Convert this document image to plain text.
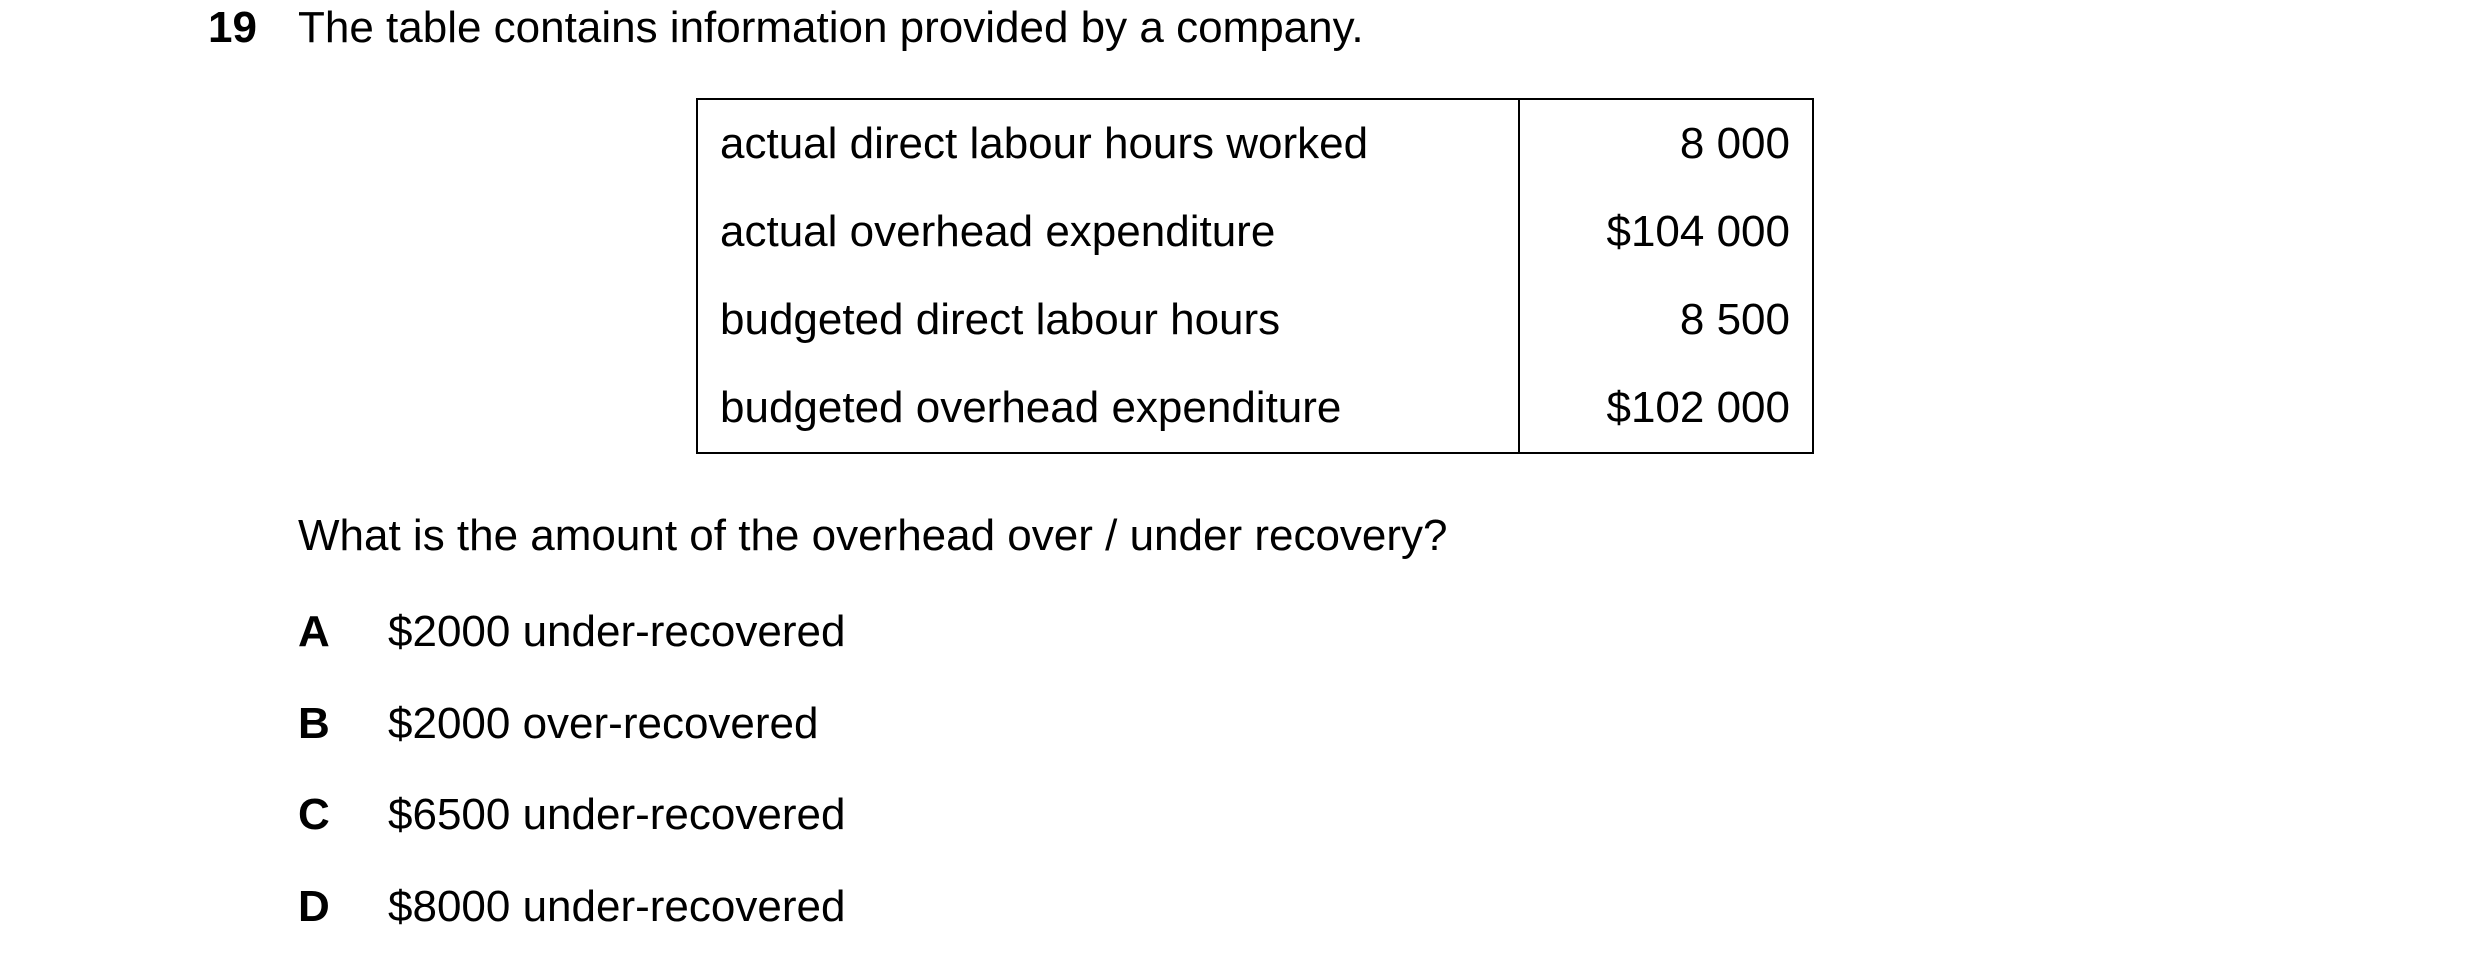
19 The table contains information provided by a company.
actual direct labour hours worked	8 000
actual overhead expenditure	$104 000
budgeted direct labour hours	8 500
budgeted overhead expenditure	$102 000
What is the amount of the overhead over / under recovery?
A $2000 under-recovered
B $2000 over-recovered
C $6500 under-recovered
D $8000 under-recovered
